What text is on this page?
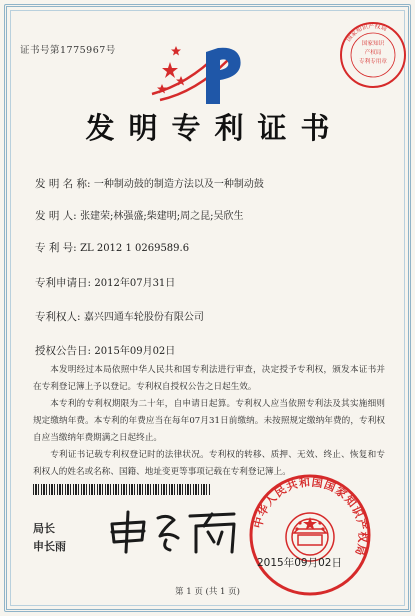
证书号第1775967号
国家知识产权局
国家知识
产权局
专利专用章
发明专利证书
发 明 名 称: 一种制动鼓的制造方法以及一种制动鼓
发 明 人: 张建荣;林强盛;柴建明;周之昆;吴欣生
专 利 号: ZL 2012 1 0269589.6
专利申请日: 2012年07月31日
专利权人: 嘉兴四通车轮股份有限公司
授权公告日: 2015年09月02日

本发明经过本局依照中华人民共和国专利法进行审查，决定授予专利权，颁发本证书并在专利登记簿上予以登记。专利权自授权公告之日起生效。

本专利的专利权期限为二十年，自申请日起算。专利权人应当依照专利法及其实施细则规定缴纳年费。本专利的年费应当在每年07月31日前缴纳。未按照规定缴纳年费的，专利权自应当缴纳年费期满之日起终止。

专利证书记载专利权登记时的法律状况。专利权的转移、质押、无效、终止、恢复和专利权人的姓名或名称、国籍、地址变更等事项记载在专利登记簿上。

局长
申长雨
中华人民共和国国家知识产权局
2015年09月02日
第 1 页 (共 1 页)
